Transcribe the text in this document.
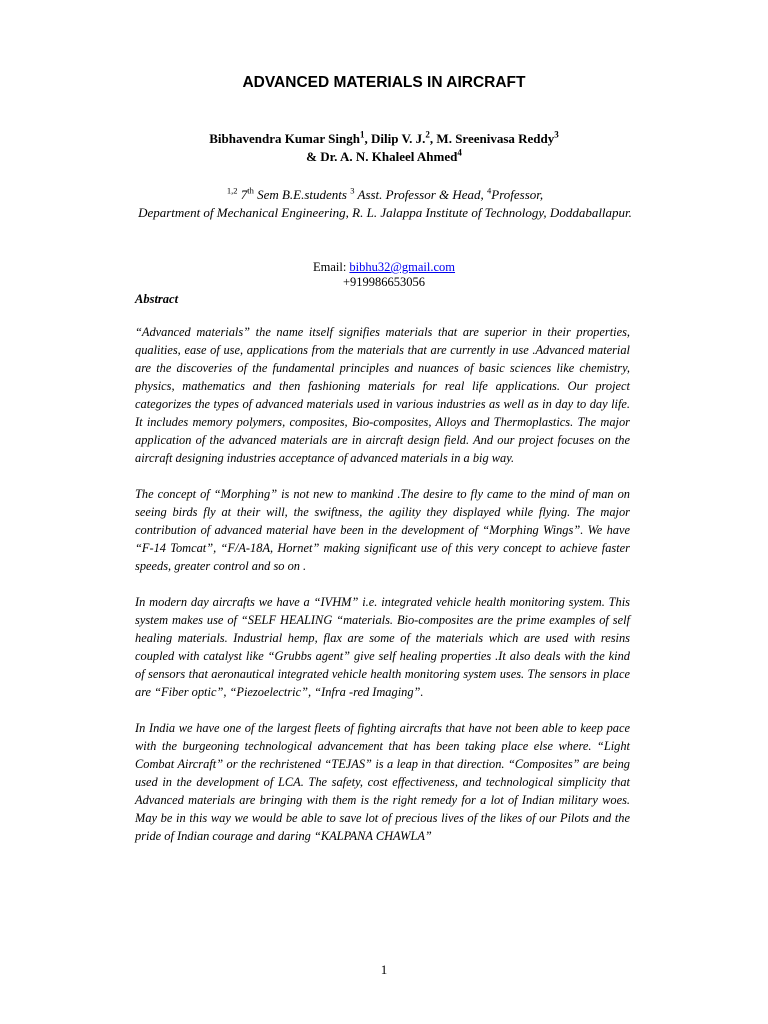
ADVANCED MATERIALS IN AIRCRAFT
Bibhavendra Kumar Singh$^1$, Dilip V. J.$^2$, M. Sreenivasa Reddy$^3$
& Dr. A. N. Khaleel Ahmed$^4$
$^{1,2}$ 7th Sem B.E.students $^3$ Asst. Professor & Head, $^4$Professor,
Department of Mechanical Engineering, R. L. Jalappa Institute of Technology, Doddaballapur.
Email: bibhu32@gmail.com
+919986653056
Abstract

“Advanced materials” the name itself signifies materials that are superior in their properties, qualities, ease of use, applications from the materials that are currently in use .Advanced material are the discoveries of the fundamental principles and nuances of basic sciences like chemistry, physics, mathematics and then fashioning materials for real life applications. Our project categorizes the types of advanced materials used in various industries as well as in day to day life. It includes memory polymers, composites, Bio-composites, Alloys and Thermoplastics. The major application of the advanced materials are in aircraft design field. And our project focuses on the aircraft designing industries acceptance of advanced materials in a big way.

The concept of “Morphing” is not new to mankind .The desire to fly came to the mind of man on seeing birds fly at their will, the swiftness, the agility they displayed while flying. The major contribution of advanced material have been in the development of “Morphing Wings”. We have “F-14 Tomcat”, “F/A-18A, Hornet” making significant use of this very concept to achieve faster speeds, greater control and so on .

In modern day aircrafts we have a “IVHM” i.e. integrated vehicle health monitoring system. This system makes use of “SELF HEALING “materials. Bio-composites are the prime examples of self healing materials. Industrial hemp, flax are some of the materials which are used with resins coupled with catalyst like “Grubbs agent” give self healing properties .It also deals with the kind of sensors that aeronautical integrated vehicle health monitoring system uses. The sensors in place are “Fiber optic”, “Piezoelectric”, “Infra -red Imaging”.

In India we have one of the largest fleets of fighting aircrafts that have not been able to keep pace with the burgeoning technological advancement that has been taking place else where. “Light Combat Aircraft” or the rechristened “TEJAS” is a leap in that direction. “Composites” are being used in the development of LCA. The safety, cost effectiveness, and technological simplicity that Advanced materials are bringing with them is the right remedy for a lot of Indian military woes. May be in this way we would be able to save lot of precious lives of the likes of our Pilots and the pride of Indian courage and daring “KALPANA CHAWLA”

1
